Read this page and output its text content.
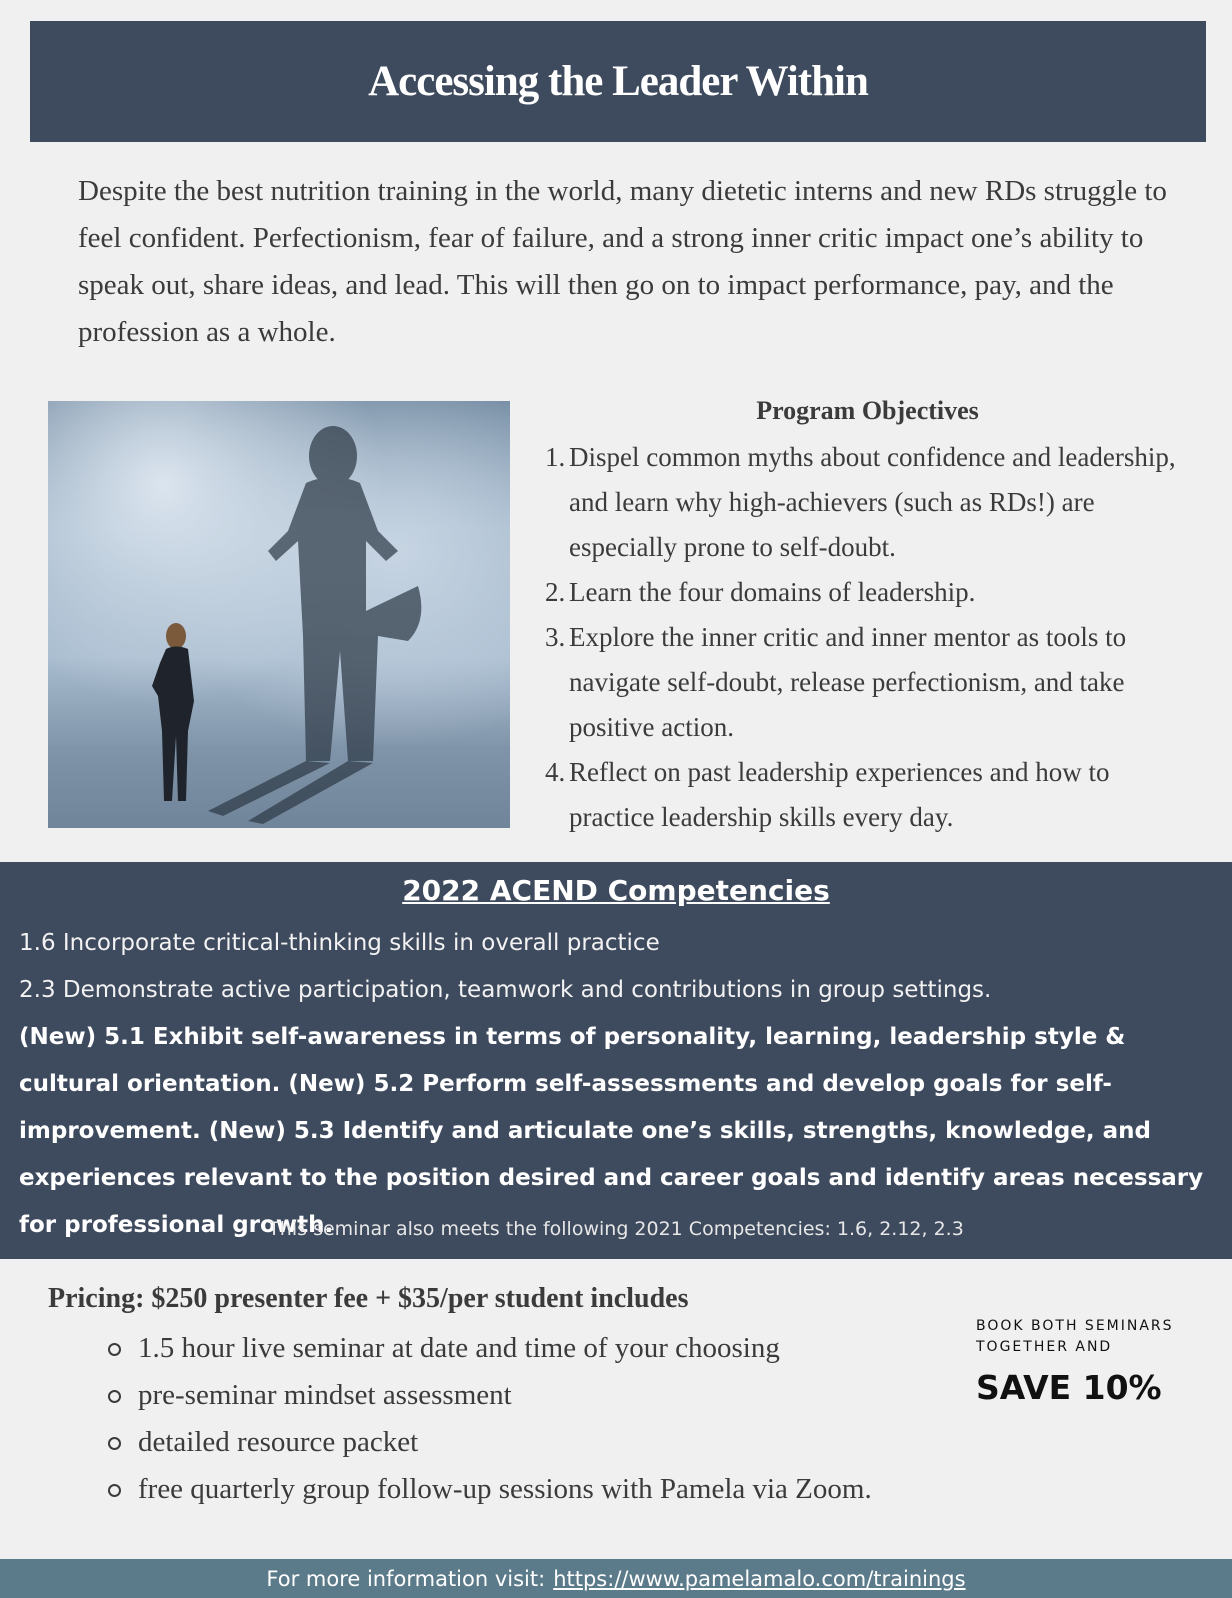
Accessing the Leader Within

Despite the best nutrition training in the world, many dietetic interns and new RDs struggle to feel confident. Perfectionism, fear of failure, and a strong inner critic impact one’s ability to speak out, share ideas, and lead. This will then go on to impact performance, pay, and the profession as a whole.

Program Objectives
1. Dispel common myths about confidence and leadership, and learn why high-achievers (such as RDs!) are especially prone to self-doubt.
2. Learn the four domains of leadership.
3. Explore the inner critic and inner mentor as tools to navigate self-doubt, release perfectionism, and take positive action.
4. Reflect on past leadership experiences and how to practice leadership skills every day.
2022 ACEND Competencies

1.6 Incorporate critical-thinking skills in overall practice

2.3 Demonstrate active participation, teamwork and contributions in group settings.

(New) 5.1 Exhibit self-awareness in terms of personality, learning, leadership style & cultural orientation. (New) 5.2 Perform self-assessments and develop goals for self-improvement. (New) 5.3 Identify and articulate one’s skills, strengths, knowledge, and experiences relevant to the position desired and career goals and identify areas necessary for professional growth.

This seminar also meets the following 2021 Competencies: 1.6, 2.12, 2.3

Pricing: $250 presenter fee + $35/per student includes
1.5 hour live seminar at date and time of your choosing
pre-seminar mindset assessment
detailed resource packet
free quarterly group follow-up sessions with Pamela via Zoom.

BOOK BOTH SEMINARS

TOGETHER AND

SAVE 10%

For more information visit: https://www.pamelamalo.com/trainings
